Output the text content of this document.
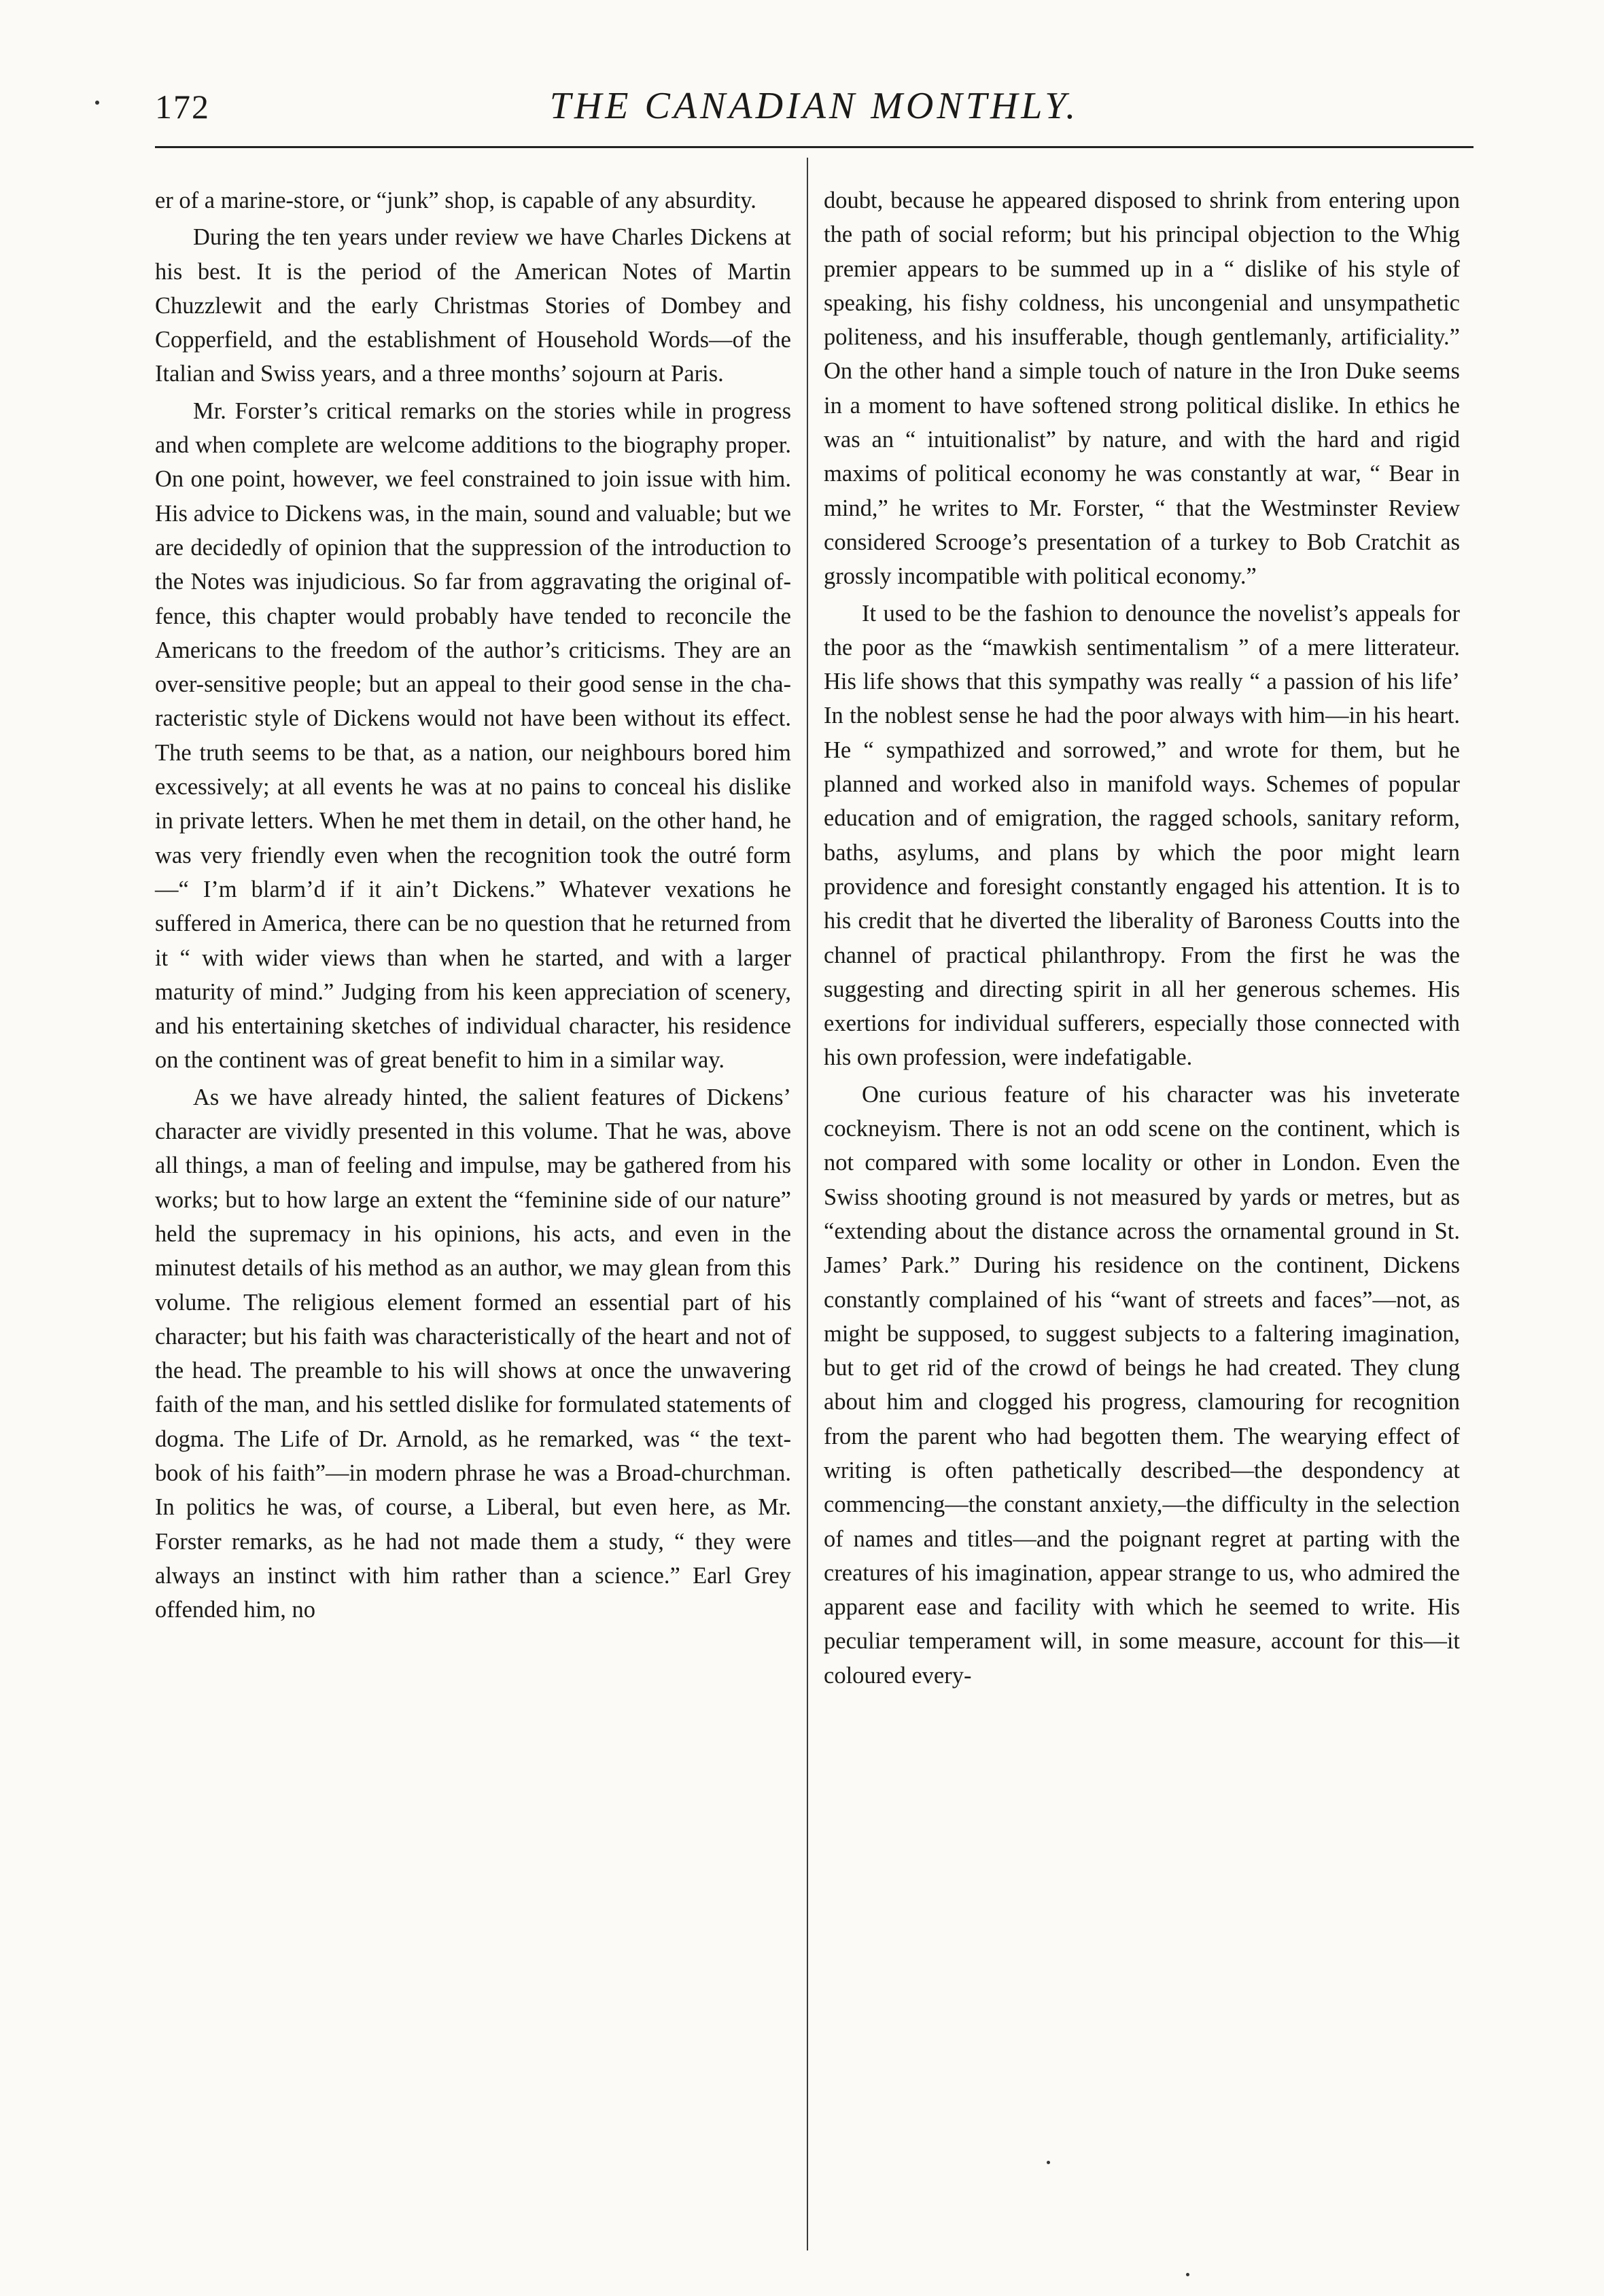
172	THE CANADIAN MONTHLY.

er of a marine-store, or “junk” shop, is capable of any absurdity.

During the ten years under review we have Charles Dickens at his best. It is the period of the American Notes of Martin Chuzzlewit and the early Christmas Stories of Dombey and Copperfield, and the establishment of Household Words—of the Italian and Swiss years, and a three months’ sojourn at Paris.

Mr. Forster’s critical remarks on the stories while in progress and when complete are welcome additions to the biography proper. On one point, however, we feel constrained to join issue with him. His advice to Dickens was, in the main, sound and valuable; but we are decidedly of opinion that the suppression of the introduction to the Notes was injudicious. So far from aggravating the original offence, this chapter would probably have tended to reconcile the Americans to the freedom of the author’s criticisms. They are an over-sensitive people; but an appeal to their good sense in the characteristic style of Dickens would not have been without its effect. The truth seems to be that, as a nation, our neighbours bored him excessively; at all events he was at no pains to conceal his dislike in private letters. When he met them in detail, on the other hand, he was very friendly even when the recognition took the outré form—“ I’m blarm’d if it ain’t Dickens.” Whatever vexations he suffered in America, there can be no question that he returned from it “ with wider views than when he started, and with a larger maturity of mind.” Judging from his keen appreciation of scenery, and his entertaining sketches of individual character, his residence on the continent was of great benefit to him in a similar way.

As we have already hinted, the salient features of Dickens’ character are vividly presented in this volume. That he was, above all things, a man of feeling and impulse, may be gathered from his works; but to how large an extent the “feminine side of our nature” held the supremacy in his opinions, his acts, and even in the minutest details of his method as an author, we may glean from this volume. The religious element formed an essential part of his character; but his faith was characteristically of the heart and not of the head. The preamble to his will shows at once the unwavering faith of the man, and his settled dislike for formulated statements of dogma. The Life of Dr. Arnold, as he remarked, was “ the text-book of his faith”—in modern phrase he was a Broad-churchman. In politics he was, of course, a Liberal, but even here, as Mr. Forster remarks, as he had not made them a study, “ they were always an instinct with him rather than a science.” Earl Grey offended him, no

doubt, because he appeared disposed to shrink from entering upon the path of social reform; but his principal objection to the Whig premier appears to be summed up in a “ dislike of his style of speaking, his fishy coldness, his uncongenial and unsympathetic politeness, and his insufferable, though gentlemanly, artificiality.” On the other hand a simple touch of nature in the Iron Duke seems in a moment to have softened strong political dislike. In ethics he was an “ intuitionalist” by nature, and with the hard and rigid maxims of political economy he was constantly at war, “ Bear in mind,” he writes to Mr. Forster, “ that the Westminster Review considered Scrooge’s presentation of a turkey to Bob Cratchit as grossly incompatible with political economy.”

It used to be the fashion to denounce the novelist’s appeals for the poor as the “mawkish sentimentalism ” of a mere litterateur. His life shows that this sympathy was really “ a passion of his life’ In the noblest sense he had the poor always with him—in his heart. He “ sympathized and sorrowed,” and wrote for them, but he planned and worked also in manifold ways. Schemes of popular education and of emigration, the ragged schools, sanitary reform, baths, asylums, and plans by which the poor might learn providence and foresight constantly engaged his attention. It is to his credit that he diverted the liberality of Baroness Coutts into the channel of practical philanthropy. From the first he was the suggesting and directing spirit in all her generous schemes. His exertions for individual sufferers, especially those connected with his own profession, were indefatigable.

One curious feature of his character was his inveterate cockneyism. There is not an odd scene on the continent, which is not compared with some locality or other in London. Even the Swiss shooting ground is not measured by yards or metres, but as “extending about the distance across the ornamental ground in St. James’ Park.” During his residence on the continent, Dickens constantly complained of his “want of streets and faces”—not, as might be supposed, to suggest subjects to a faltering imagination, but to get rid of the crowd of beings he had created. They clung about him and clogged his progress, clamouring for recognition from the parent who had begotten them. The wearying effect of writing is often pathetically described—the despondency at commencing—the constant anxiety,—the difficulty in the selection of names and titles—and the poignant regret at parting with the creatures of his imagination, appear strange to us, who admired the apparent ease and facility with which he seemed to write. His peculiar temperament will, in some measure, account for this—it coloured every-
